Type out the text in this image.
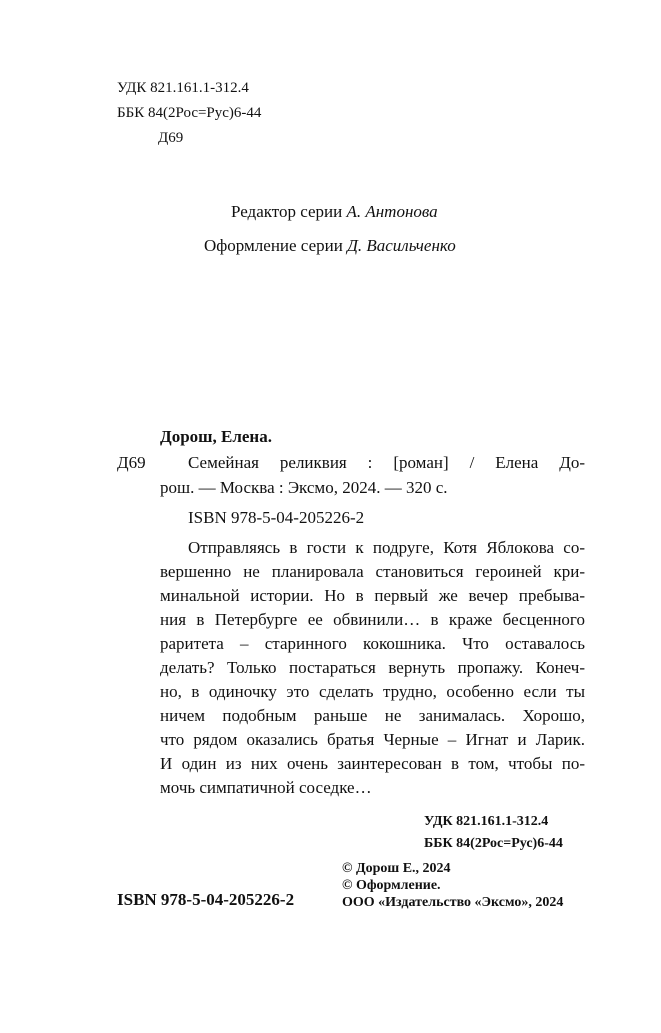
УДК 821.161.1-312.4
ББК 84(2Рос=Рус)6-44
Д69
Редактор серии А. Антонова
Оформление серии Д. Васильченко
Дорош, Елена.
Д69 Семейная реликвия : [роман] / Елена До-
рош. — Москва : Эксмо, 2024. — 320 с.
ISBN 978-5-04-205226-2
Отправляясь в гости к подруге, Котя Яблокова со-
вершенно не планировала становиться героиней кри-
минальной истории. Но в первый же вечер пребыва-
ния в Петербурге ее обвинили… в краже бесценного
раритета – старинного кокошника. Что оставалось
делать? Только постараться вернуть пропажу. Конеч-
но, в одиночку это сделать трудно, особенно если ты
ничем подобным раньше не занималась. Хорошо,
что рядом оказались братья Черные – Игнат и Ларик.
И один из них очень заинтересован в том, чтобы по-
мочь симпатичной соседке…
УДК 821.161.1-312.4
ББК 84(2Рос=Рус)6-44
© Дорош Е., 2024
© Оформление.
ООО «Издательство «Эксмо», 2024
ISBN 978-5-04-205226-2
